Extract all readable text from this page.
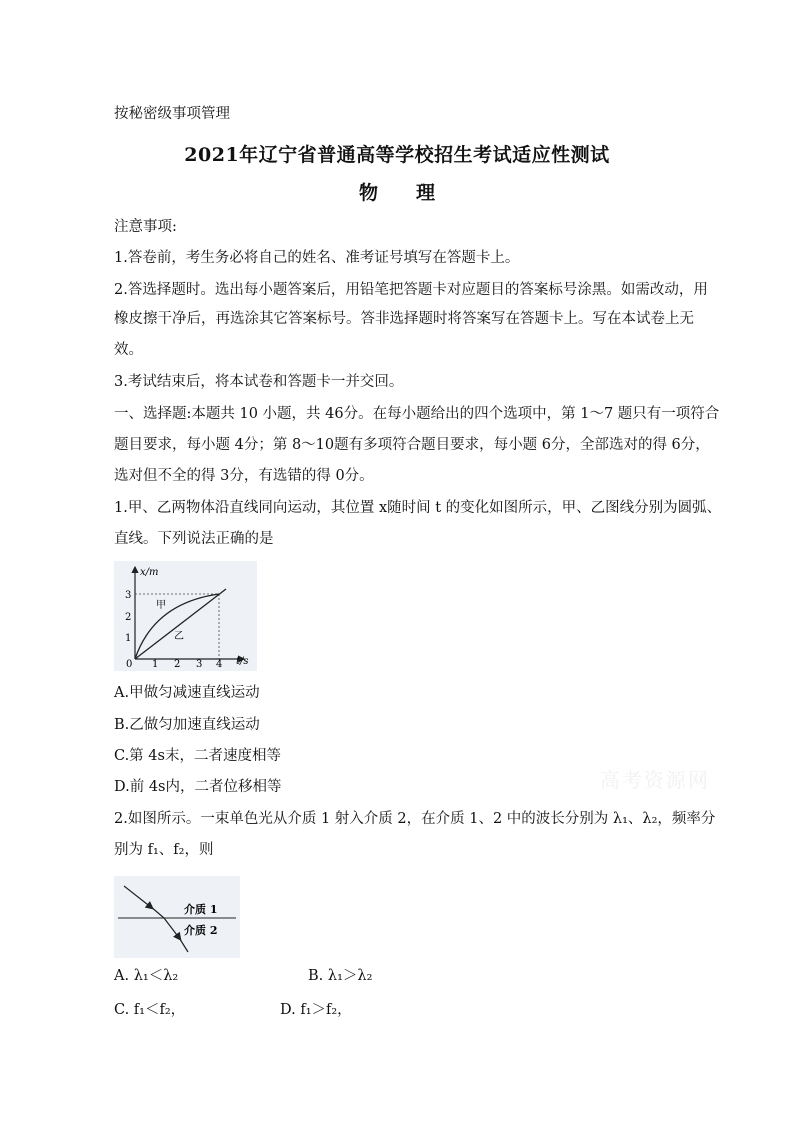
按秘密级事项管理
2021年辽宁省普通高等学校招生考试适应性测试
物　　理
注意事项:
1.答卷前，考生务必将自己的姓名、准考证号填写在答题卡上。
2.答选择题时。选出每小题答案后，用铅笔把答题卡对应题目的答案标号涂黑。如需改动，用
橡皮擦干净后，再选涂其它答案标号。答非选择题时将答案写在答题卡上。写在本试卷上无
效。
3.考试结束后，将本试卷和答题卡一并交回。
一、选择题:本题共 10 小题，共 46分。在每小题给出的四个选项中，第 1～7 题只有一项符合
题目要求，每小题 4分；第 8～10题有多项符合题目要求，每小题 6分，全部选对的得 6分，
选对但不全的得 3分，有选错的得 0分。
1.甲、乙两物体沿直线同向运动，其位置 x随时间 t 的变化如图所示，甲、乙图线分别为圆弧、
直线。下列说法正确的是
x/m
t/s
3
2
1
0 1 2 3 4
甲
乙
A.甲做匀减速直线运动
B.乙做匀加速直线运动
C.第 4s末，二者速度相等
D.前 4s内，二者位移相等	高考资源网
2.如图所示。一束单色光从介质 1 射入介质 2，在介质 1、2 中的波长分别为 λ₁、λ₂，频率分
别为 f₁、f₂，则
介质 1
介质 2
A. λ₁＜λ₂	B. λ₁＞λ₂
C. f₁＜f₂，	D. f₁＞f₂，
